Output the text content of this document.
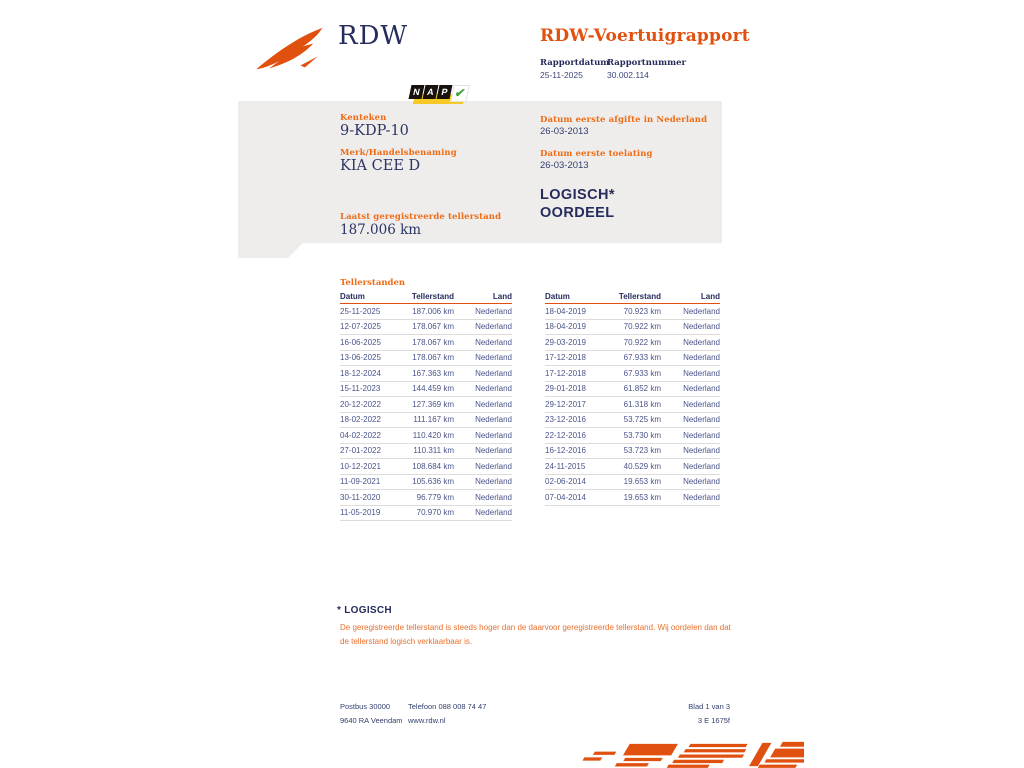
RDW	RDW-Voertuigrapport
Rapportdatum
25-11-2025
Rapportnummer
30.002.114
Kenteken
9-KDP-10
Merk/Handelsbenaming
KIA CEE D
Laatst geregistreerde tellerstand
187.006 km
Datum eerste afgifte in Nederland
26-03-2013
Datum eerste toelating
26-03-2013
LOGISCH*
OORDEEL
N A P ✔
Tellerstanden
Datum	Tellerstand	Land
25-11-2025	187.006 km	Nederland
12-07-2025	178.067 km	Nederland
16-06-2025	178.067 km	Nederland
13-06-2025	178.067 km	Nederland
18-12-2024	167.363 km	Nederland
15-11-2023	144.459 km	Nederland
20-12-2022	127.369 km	Nederland
18-02-2022	111.167 km	Nederland
04-02-2022	110.420 km	Nederland
27-01-2022	110.311 km	Nederland
10-12-2021	108.684 km	Nederland
11-09-2021	105.636 km	Nederland
30-11-2020	96.779 km	Nederland
11-05-2019	70.970 km	Nederland
Datum	Tellerstand	Land
18-04-2019	70.923 km	Nederland
18-04-2019	70.922 km	Nederland
29-03-2019	70.922 km	Nederland
17-12-2018	67.933 km	Nederland
17-12-2018	67.933 km	Nederland
29-01-2018	61.852 km	Nederland
29-12-2017	61.318 km	Nederland
23-12-2016	53.725 km	Nederland
22-12-2016	53.730 km	Nederland
16-12-2016	53.723 km	Nederland
24-11-2015	40.529 km	Nederland
02-06-2014	19.653 km	Nederland
07-04-2014	19.653 km	Nederland
* LOGISCH
De geregistreerde tellerstand is steeds hoger dan de daarvoor geregistreerde tellerstand. Wij oordelen dan dat de tellerstand logisch verklaarbaar is.
Postbus 30000
9640 RA Veendam
Telefoon 088 008 74 47
www.rdw.nl
Blad 1 van 3
3 E 1675f
